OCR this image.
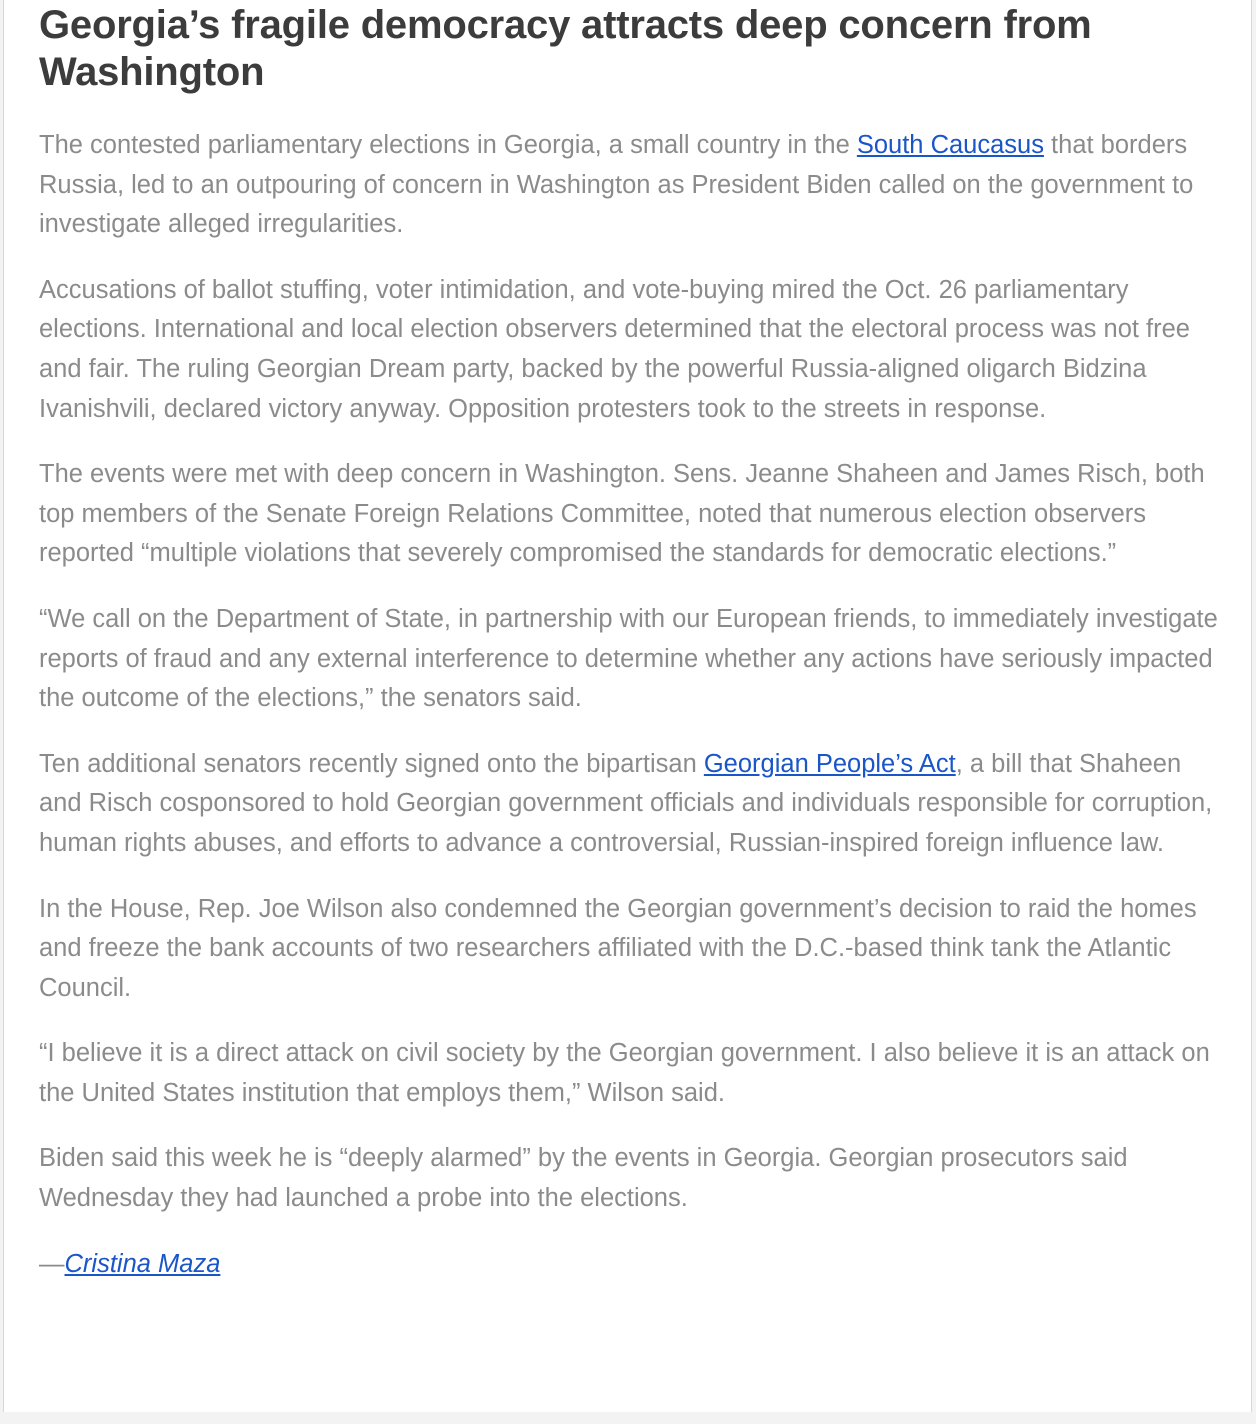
Georgia’s fragile democracy attracts deep concern from Washington

The contested parliamentary elections in Georgia, a small country in the South Caucasus that borders Russia, led to an outpouring of concern in Washington as President Biden called on the government to investigate alleged irregularities.

Accusations of ballot stuffing, voter intimidation, and vote-buying mired the Oct. 26 parliamentary elections. International and local election observers determined that the electoral process was not free and fair. The ruling Georgian Dream party, backed by the powerful Russia-aligned oligarch Bidzina Ivanishvili, declared victory anyway. Opposition protesters took to the streets in response.

The events were met with deep concern in Washington. Sens. Jeanne Shaheen and James Risch, both top members of the Senate Foreign Relations Committee, noted that numerous election observers reported “multiple violations that severely compromised the standards for democratic elections.”

“We call on the Department of State, in partnership with our European friends, to immediately investigate reports of fraud and any external interference to determine whether any actions have seriously impacted the outcome of the elections,” the senators said.

Ten additional senators recently signed onto the bipartisan Georgian People’s Act, a bill that Shaheen and Risch cosponsored to hold Georgian government officials and individuals responsible for corruption, human rights abuses, and efforts to advance a controversial, Russian-inspired foreign influence law.

In the House, Rep. Joe Wilson also condemned the Georgian government’s decision to raid the homes and freeze the bank accounts of two researchers affiliated with the D.C.-based think tank the Atlantic Council.

“I believe it is a direct attack on civil society by the Georgian government. I also believe it is an attack on the United States institution that employs them,” Wilson said.

Biden said this week he is “deeply alarmed” by the events in Georgia. Georgian prosecutors said Wednesday they had launched a probe into the elections.

—Cristina Maza
